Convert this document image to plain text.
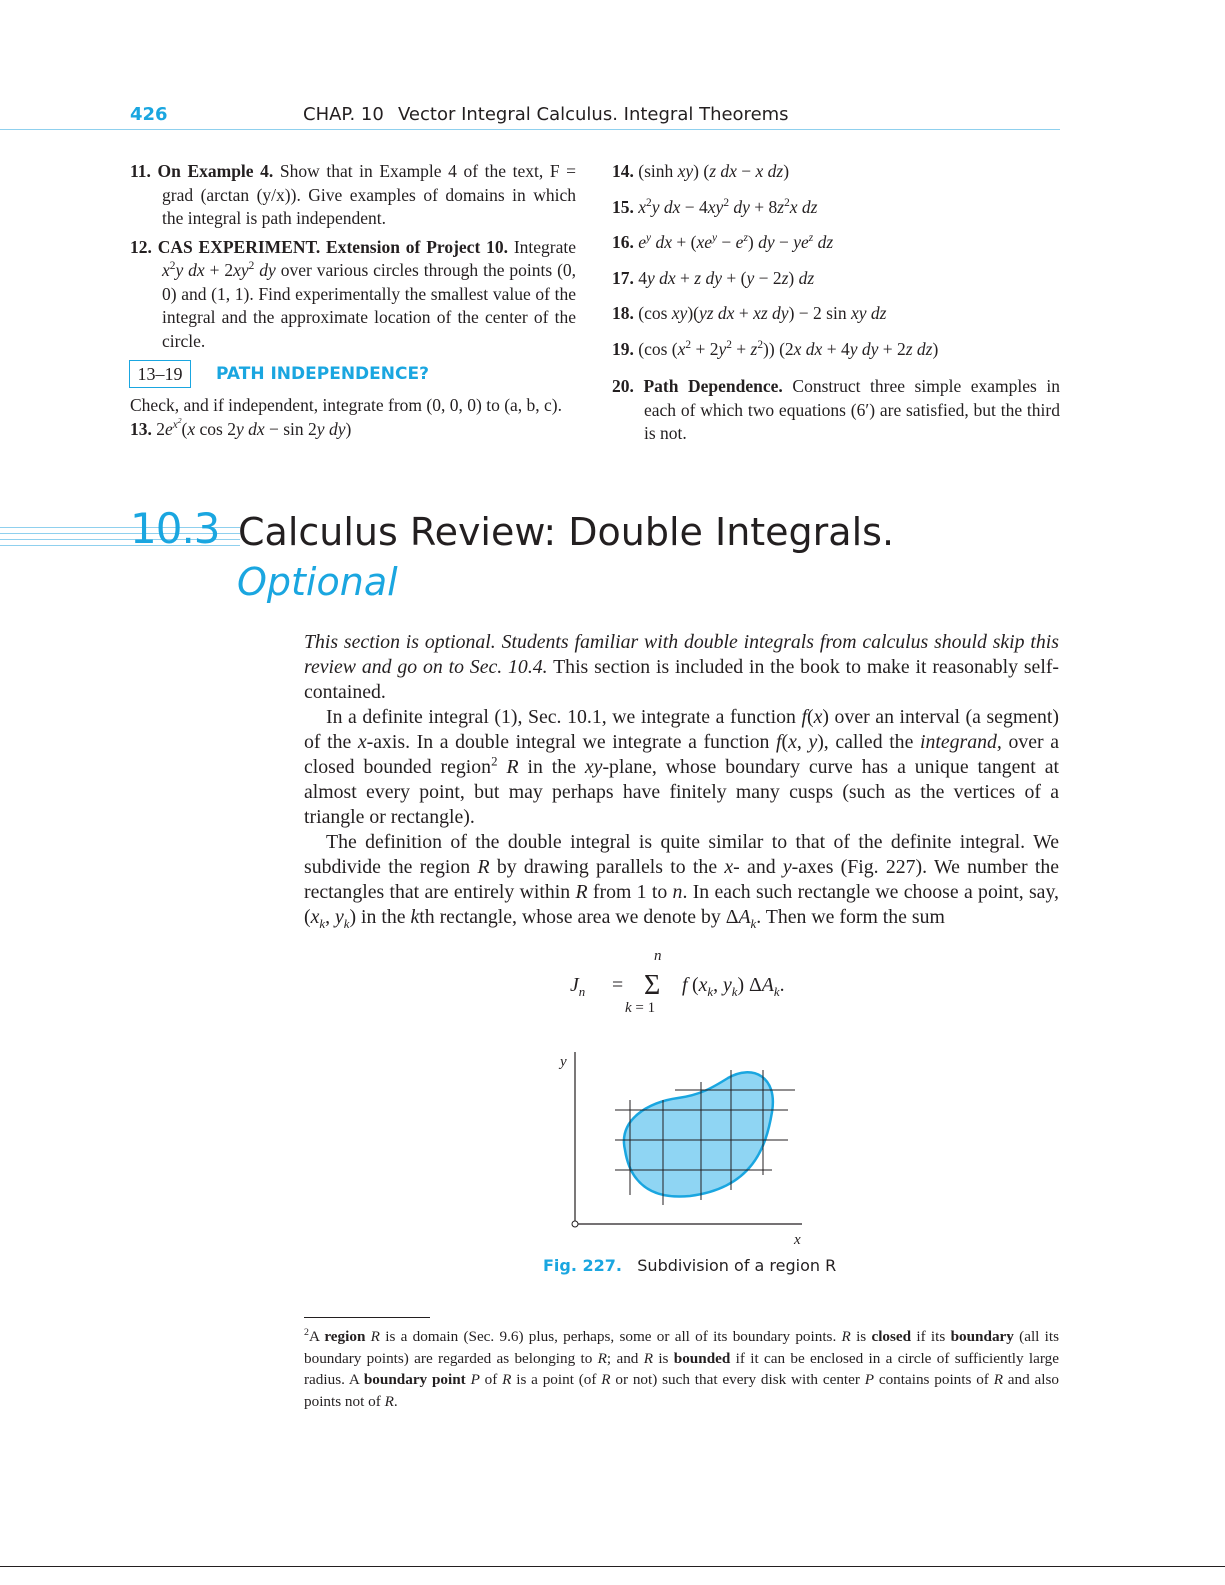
426	CHAP. 10 Vector Integral Calculus. Integral Theorems

11. On Example 4. Show that in Example 4 of the text, F = grad (arctan (y/x)). Give examples of domains in which the integral is path independent.

12. CAS EXPERIMENT. Extension of Project 10. Integrate $x^2y$ dx + $2xy^2$ dy over various circles through the points (0, 0) and (1, 1). Find experimentally the smallest value of the integral and the approximate location of the center of the circle.

13–19	PATH INDEPENDENCE?
Check, and if independent, integrate from (0, 0, 0) to (a, b, c).
13. $2e^{x^2}(x$ cos 2y dx − sin 2y dy)
14. (sinh xy) (z dx − x dz)
15. $x^2y$ dx − $4xy^2$ dy + $8z^2x$ dz
16. $e^y$ dx + $(xe^y - e^z)$ dy − $ye^z$ dz
17. 4y dx + z dy + (y − 2z) dz
18. (cos xy)(yz dx + xz dy) − 2 sin xy dz
19. (cos $(x^2 + 2y^2 + z^2)$) (2x dx + 4y dy + 2z dz)
20. Path Dependence. Construct three simple examples in each of which two equations (6′) are satisfied, but the third is not.
10.3 Calculus Review: Double Integrals.
Optional

This section is optional. Students familiar with double integrals from calculus should skip this review and go on to Sec. 10.4. This section is included in the book to make it reasonably self-contained.

In a definite integral (1), Sec. 10.1, we integrate a function f(x) over an interval (a segment) of the x-axis. In a double integral we integrate a function f(x, y), called the integrand, over a closed bounded region$^2$ R in the xy-plane, whose boundary curve has a unique tangent at almost every point, but may perhaps have finitely many cusps (such as the vertices of a triangle or rectangle).

The definition of the double integral is quite similar to that of the definite integral. We subdivide the region R by drawing parallels to the x- and y-axes (Fig. 227). We number the rectangles that are entirely within R from 1 to n. In each such rectangle we choose a point, say, ($x_k$, $y_k$) in the kth rectangle, whose area we denote by $\Delta A_k$. Then we form the sum

n
$J_n = \Sigma$ f ($x_k$, $y_k$) $\Delta A_k$.
k = 1
y
x
Fig. 227. Subdivision of a region R
$^2$A region R is a domain (Sec. 9.6) plus, perhaps, some or all of its boundary points. R is closed if its boundary (all its boundary points) are regarded as belonging to R; and R is bounded if it can be enclosed in a circle of sufficiently large radius. A boundary point P of R is a point (of R or not) such that every disk with center P contains points of R and also points not of R.
